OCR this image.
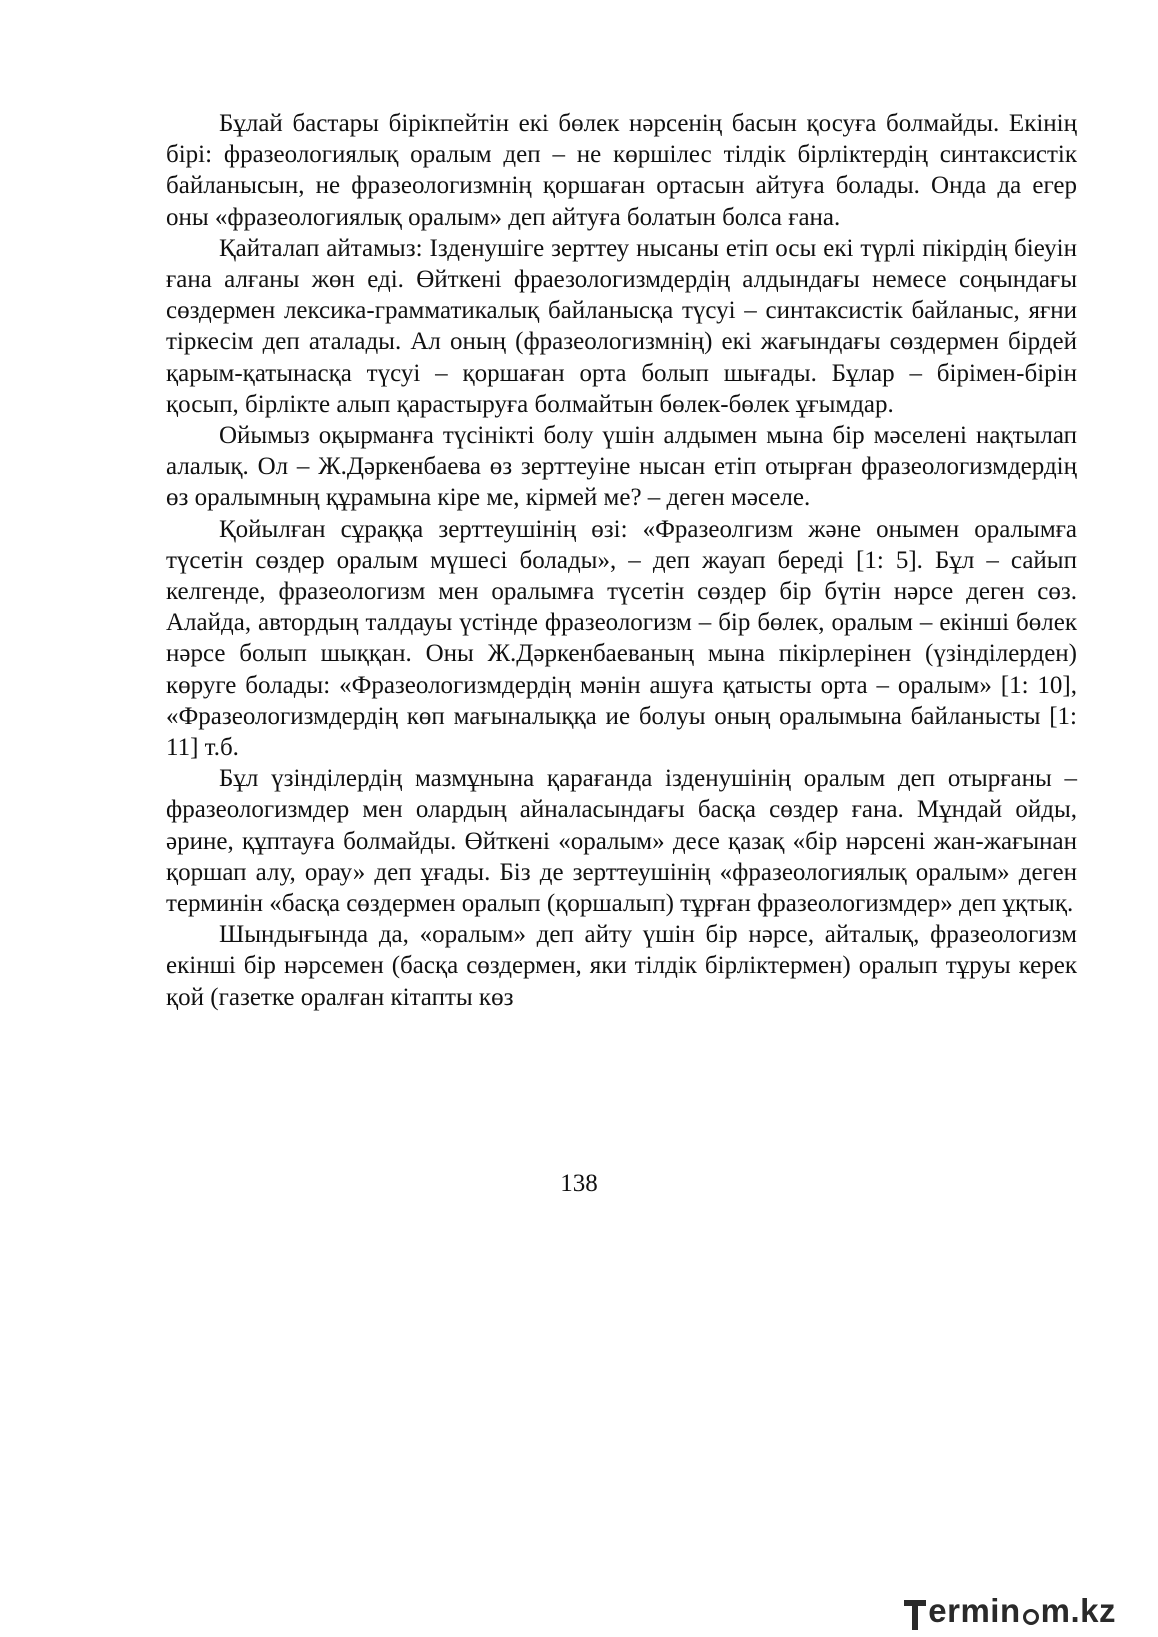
Бұлай бастары бірікпейтін екі бөлек нәрсенің басын қосуға болмайды. Екінің бірі: фразеологиялық оралым деп – не көршілес тілдік бірліктердің синтаксистік байланысын, не фразеологизмнің қоршаған ортасын айтуға болады. Онда да егер оны «фразеологиялық оралым» деп айтуға болатын болса ғана.

Қайталап айтамыз: Ізденушіге зерттеу нысаны етіп осы екі түрлі пікірдің біеуін ғана алғаны жөн еді. Өйткені фраезологизмдердің алдындағы немесе соңындағы сөздермен лексика-грамматикалық байланысқа түсуі – синтаксистік байланыс, яғни тіркесім деп аталады. Ал оның (фразеологизмнің) екі жағындағы сөздермен бірдей қарым-қатынасқа түсуі – қоршаған орта болып шығады. Бұлар – бірімен-бірін қосып, бірлікте алып қарастыруға болмайтын бөлек-бөлек ұғымдар.

Ойымыз оқырманға түсінікті болу үшін алдымен мына бір мәселені нақтылап алалық. Ол – Ж.Дәркенбаева өз зерттеуіне нысан етіп отырған фразеологизмдердің өз оралымның құрамына кіре ме, кірмей ме? – деген мәселе.

Қойылған сұраққа зерттеушінің өзі: «Фразеолгизм және онымен оралымға түсетін сөздер оралым мүшесі болады», – деп жауап береді [1: 5]. Бұл – сайып келгенде, фразеологизм мен оралымға түсетін сөздер бір бүтін нәрсе деген сөз. Алайда, автордың талдауы үстінде фразеологизм – бір бөлек, оралым – екінші бөлек нәрсе болып шыққан. Оны Ж.Дәркенбаеваның мына пікірлерінен (үзінділерден) көруге болады: «Фразеологизмдердің мәнін ашуға қатысты орта – оралым» [1: 10], «Фразеологизмдердің көп мағыналыққа ие болуы оның оралымына байланысты [1: 11] т.б.

Бұл үзінділердің мазмұнына қарағанда ізденушінің оралым деп отырғаны – фразеологизмдер мен олардың айналасындағы басқа сөздер ғана. Мұндай ойды, әрине, құптауға болмайды. Өйткені «оралым» десе қазақ «бір нәрсені жан-жағынан қоршап алу, орау» деп ұғады. Біз де зерттеушінің «фразеологиялық оралым» деген терминін «басқа сөздермен оралып (қоршалып) тұрған фразеологизмдер» деп ұқтық.

Шындығында да, «оралым» деп айту үшін бір нәрсе, айталық, фразеологизм екінші бір нәрсемен (басқа сөздермен, яки тілдік бірліктермен) оралып тұруы керек қой (газетке оралған кітапты көз

138
ermin m.kz
